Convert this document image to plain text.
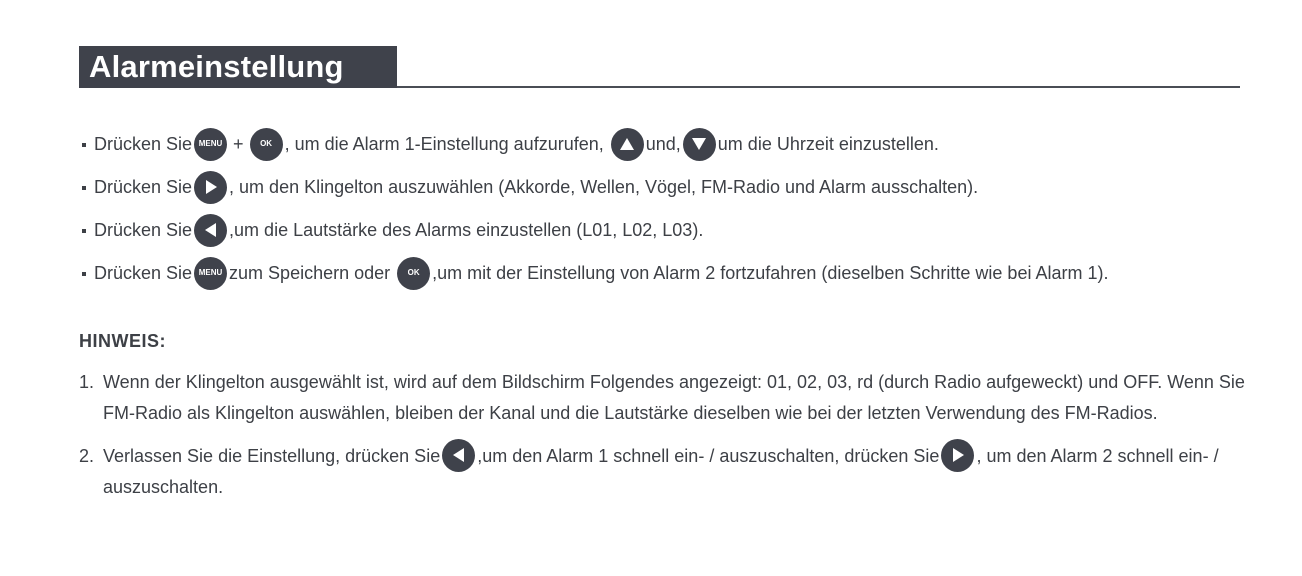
Alarmeinstellung
Drücken Sie MENU + OK , um die Alarm 1-Einstellung aufzurufen,
und, um die Uhrzeit einzustellen.
Drücken Sie , um den Klingelton auszuwählen (Akkorde, Wellen, Vögel, FM-Radio und Alarm ausschalten).
Drücken Sie ,um die Lautstärke des Alarms einzustellen (L01, L02, L03).
Drücken Sie MENU zum Speichern oder
OK ,um mit der Einstellung von Alarm 2 fortzufahren (dieselben Schritte wie bei Alarm 1).
HINWEIS:
1. Wenn der Klingelton ausgewählt ist, wird auf dem Bildschirm Folgendes angezeigt: 01, 02, 03, rd (durch Radio aufgeweckt) und OFF. Wenn Sie FM-Radio als Klingelton auswählen, bleiben der Kanal und die Lautstärke dieselben wie bei der letzten Verwendung des FM-Radios.
2. Verlassen Sie die Einstellung, drücken Sie ,um den Alarm 1 schnell ein- / auszuschalten, drücken Sie , um den Alarm 2 schnell ein- / auszuschalten.
